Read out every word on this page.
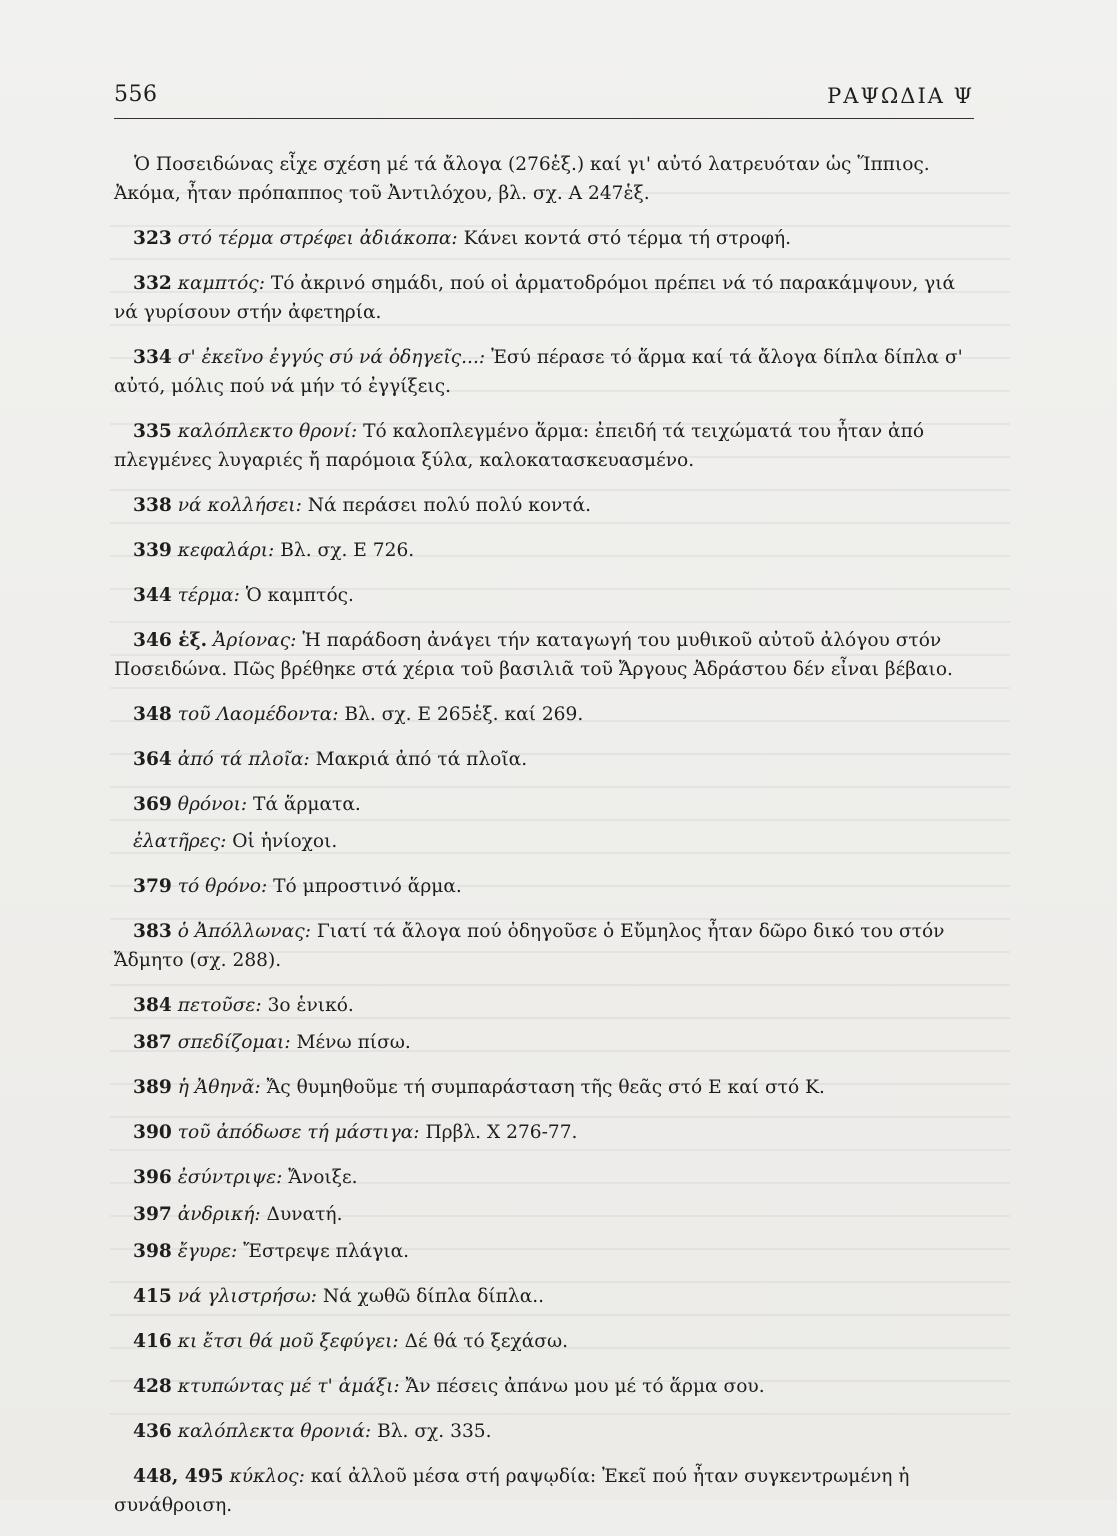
556	ΡΑΨΩΔΙΑ Ψ

Ὁ Ποσειδώνας εἶχε σχέση μέ τά ἄλογα (276ἑξ.) καί γι' αὐτό λατρευόταν ὡς Ἵππιος. Ἀκόμα, ἦταν πρόπαππος τοῦ Ἀντιλόχου, βλ. σχ. Α 247ἑξ.

323 στό τέρμα στρέφει ἀδιάκοπα: Κάνει κοντά στό τέρμα τή στροφή.

332 καμπτός: Τό ἀκρινό σημάδι, πού οἱ ἁρματοδρόμοι πρέπει νά τό παρακάμψουν, γιά νά γυρίσουν στήν ἀφετηρία.

334 σ' ἐκεῖνο ἐγγύς σύ νά ὁδηγεῖς...: Ἐσύ πέρασε τό ἅρμα καί τά ἄλογα δίπλα δίπλα σ' αὐτό, μόλις πού νά μήν τό ἐγγίξεις.

335 καλόπλεκτο θρονί: Τό καλοπλεγμένο ἅρμα: ἐπειδή τά τειχώματά του ἦταν ἀπό πλεγμένες λυγαριές ἤ παρόμοια ξύλα, καλοκατασκευασμένο.

338 νά κολλήσει: Νά περάσει πολύ πολύ κοντά.

339 κεφαλάρι: Βλ. σχ. Ε 726.

344 τέρμα: Ὁ καμπτός.

346 ἑξ. Ἀρίονας: Ἡ παράδοση ἀνάγει τήν καταγωγή του μυθικοῦ αὐτοῦ ἀλόγου στόν Ποσειδώνα. Πῶς βρέθηκε στά χέρια τοῦ βασιλιᾶ τοῦ Ἄργους Ἀδράστου δέν εἶναι βέβαιο.

348 τοῦ Λαομέδοντα: Βλ. σχ. Ε 265ἑξ. καί 269.

364 ἀπό τά πλοῖα: Μακριά ἀπό τά πλοῖα.

369 θρόνοι: Τά ἅρματα.

ἐλατῆρες: Οἱ ἡνίοχοι.

379 τό θρόνο: Τό μπροστινό ἅρμα.

383 ὁ Ἀπόλλωνας: Γιατί τά ἄλογα πού ὁδηγοῦσε ὁ Εὔμηλος ἦταν δῶρο δικό του στόν Ἄδμητο (σχ. 288).

384 πετοῦσε: 3ο ἑνικό.

387 σπεδίζομαι: Μένω πίσω.

389 ἡ Ἀθηνᾶ: Ἄς θυμηθοῦμε τή συμπαράσταση τῆς θεᾶς στό Ε καί στό Κ.

390 τοῦ ἀπόδωσε τή μάστιγα: Πρβλ. Χ 276-77.

396 ἐσύντριψε: Ἄνοιξε.

397 ἀνδρική: Δυνατή.

398 ἔγυρε: Ἔστρεψε πλάγια.

415 νά γλιστρήσω: Νά χωθῶ δίπλα δίπλα..

416 κι ἔτσι θά μοῦ ξεφύγει: Δέ θά τό ξεχάσω.

428 κτυπώντας μέ τ' ἁμάξι: Ἄν πέσεις ἀπάνω μου μέ τό ἅρμα σου.

436 καλόπλεκτα θρονιά: Βλ. σχ. 335.

448, 495 κύκλος: καί ἀλλοῦ μέσα στή ραψῳδία: Ἐκεῖ πού ἦταν συγκεντρωμένη ἡ συνάθροιση.
